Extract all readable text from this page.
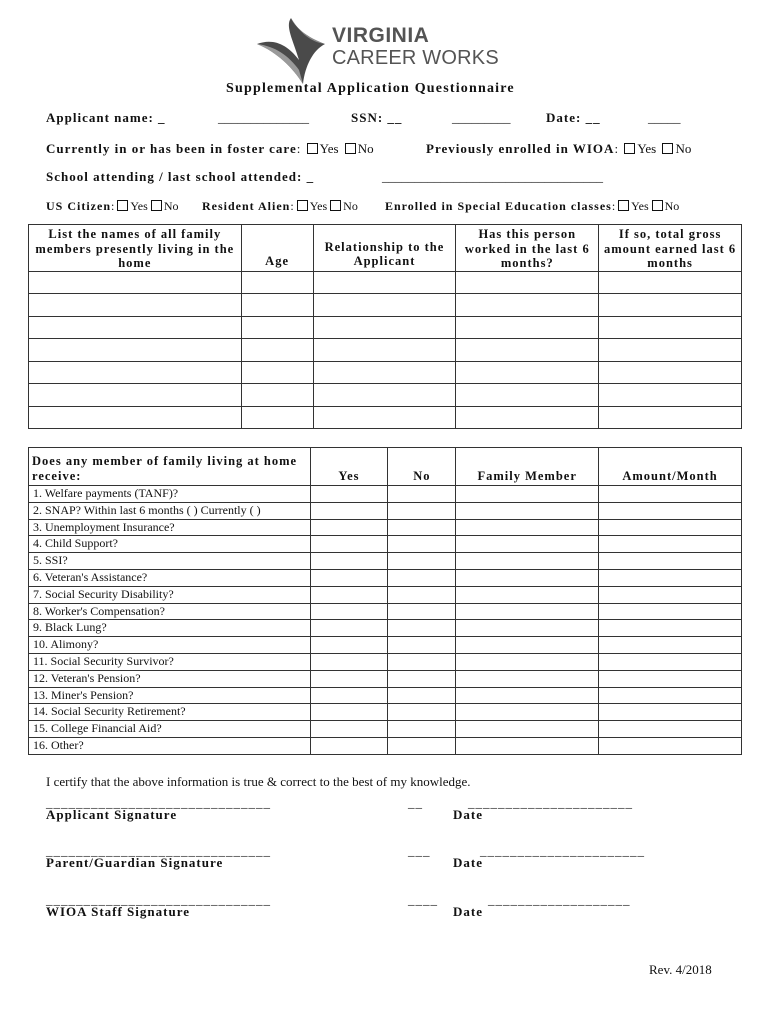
VIRGINIA
CAREER WORKS
Supplemental Application Questionnaire
Applicant name: _	______________	SSN: __	_________	Date: __	_____
Currently in or has been in foster care: Yes No	Previously enrolled in WIOA: Yes No
School attending / last school attended: _	__________________________________
US Citizen: Yes No Resident Alien: Yes No Enrolled in Special Education classes: Yes No
List the names of all family members presently living in the home	Age	Relationship to the Applicant	Has this person worked in the last 6 months?	If so, total gross amount earned last 6 months

Does any member of family living at home receive:	Yes	No	Family Member	Amount/Month
1. Welfare payments (TANF)?				
2. SNAP? Within last 6 months ( ) Currently ( )				
3. Unemployment Insurance?				
4. Child Support?				
5. SSI?				
6. Veteran's Assistance?				
7. Social Security Disability?				
8. Worker's Compensation?				
9. Black Lung?				
10. Alimony?				
11. Social Security Survivor?				
12. Veteran's Pension?				
13. Miner's Pension?				
14. Social Security Retirement?				
15. College Financial Aid?				
16. Other?				
I certify that the above information is true & correct to the best of my knowledge.
______________________________	__	______________________
Applicant Signature	Date
______________________________	___	______________________
Parent/Guardian Signature	Date
______________________________	____	___________________
WIOA Staff Signature	Date
Rev. 4/2018
